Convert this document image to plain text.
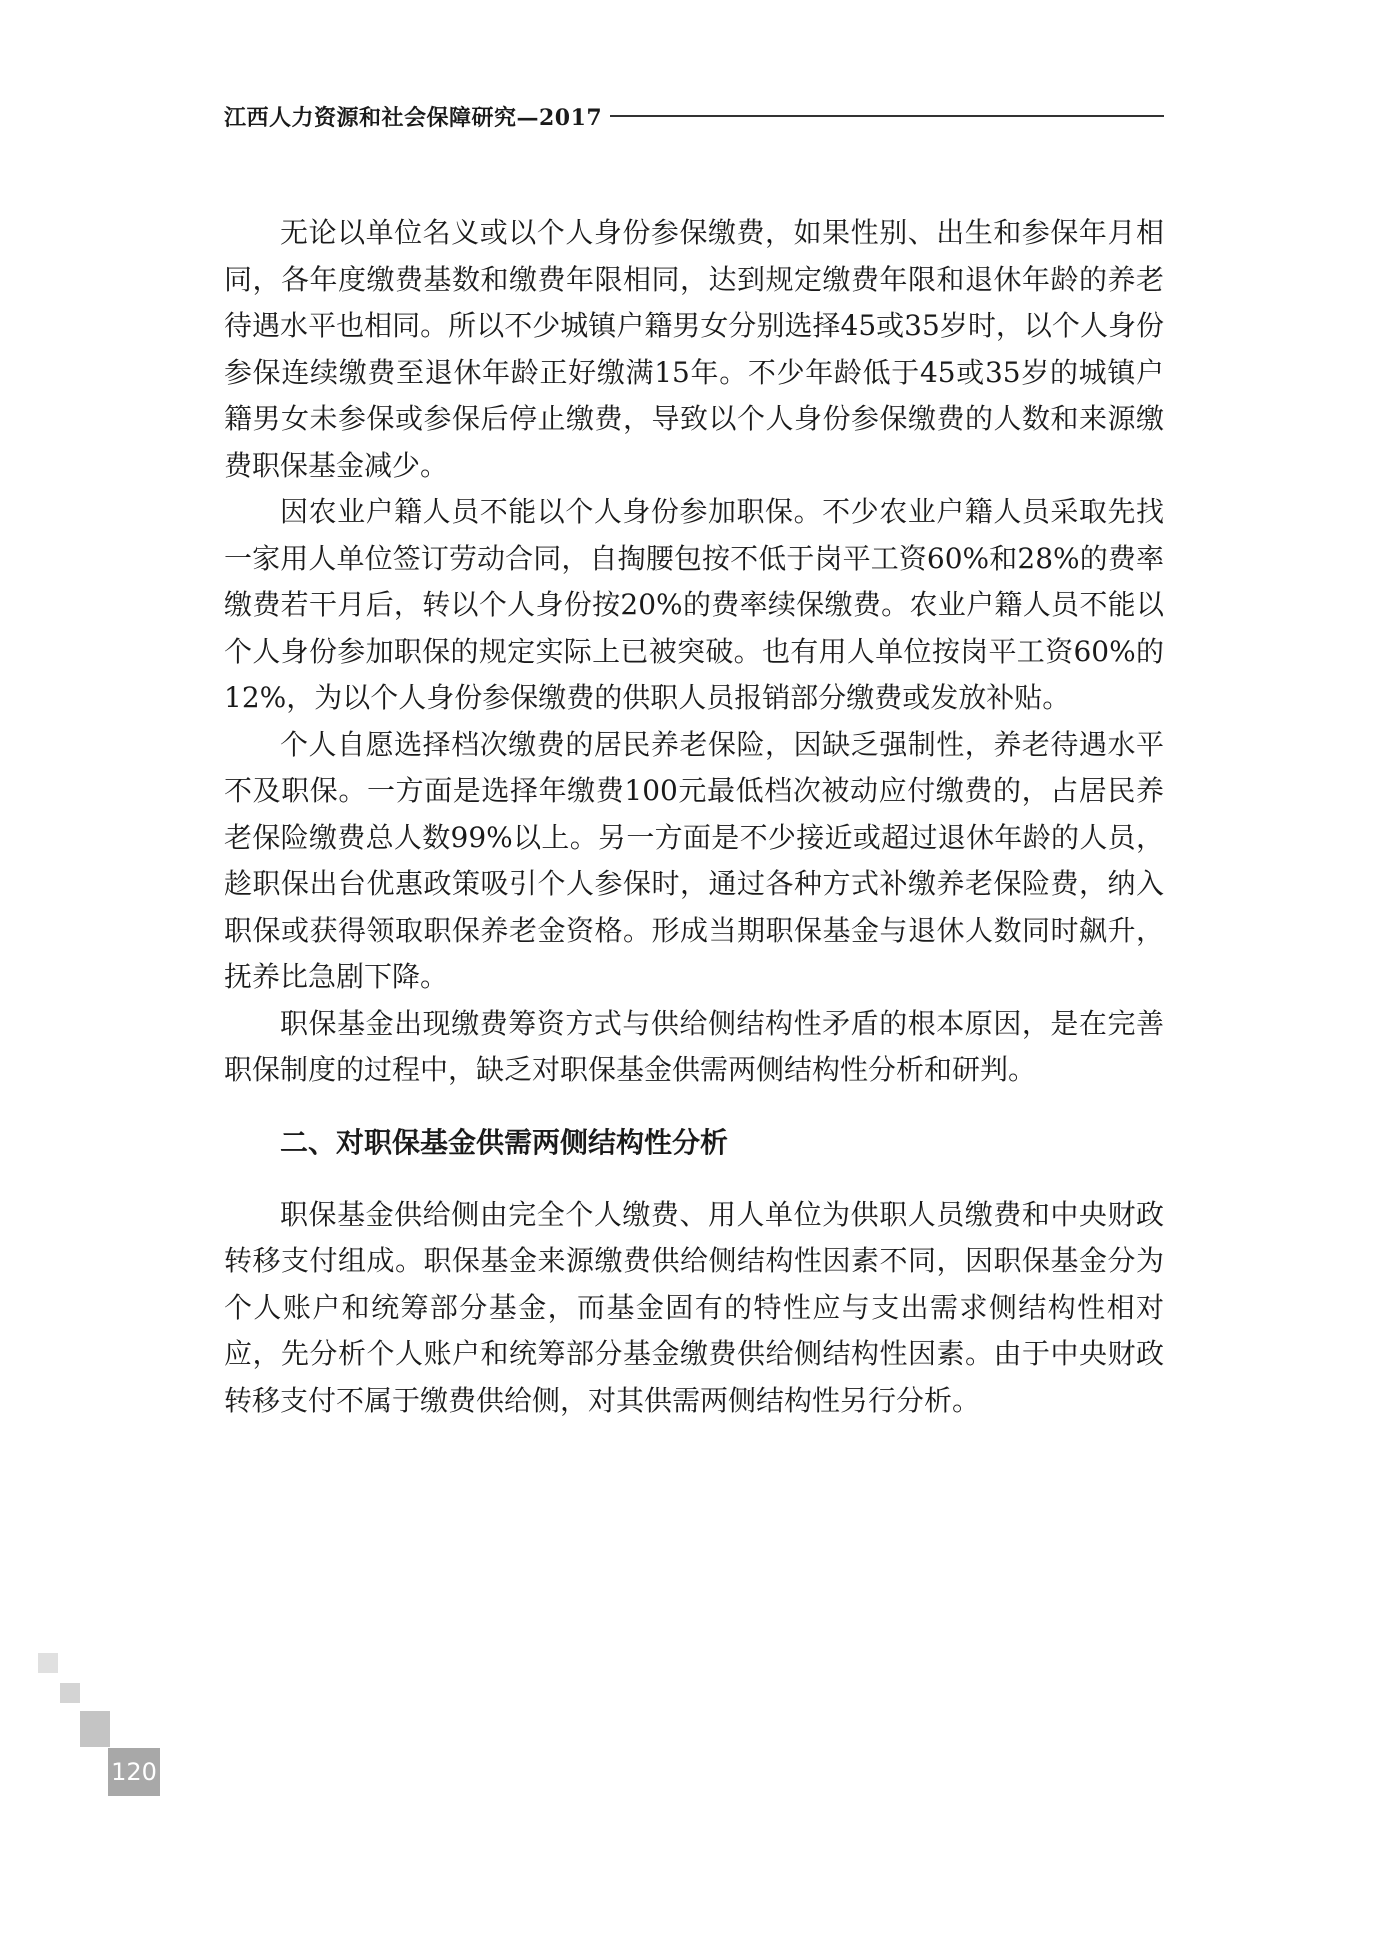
江西人力资源和社会保障研究—2017

无论以单位名义或以个人身份参保缴费，如果性别、出生和参保年月相同，各年度缴费基数和缴费年限相同，达到规定缴费年限和退休年龄的养老待遇水平也相同。所以不少城镇户籍男女分别选择45或35岁时，以个人身份参保连续缴费至退休年龄正好缴满15年。不少年龄低于45或35岁的城镇户籍男女未参保或参保后停止缴费，导致以个人身份参保缴费的人数和来源缴费职保基金减少。

因农业户籍人员不能以个人身份参加职保。不少农业户籍人员采取先找一家用人单位签订劳动合同，自掏腰包按不低于岗平工资60%和28%的费率缴费若干月后，转以个人身份按20%的费率续保缴费。农业户籍人员不能以个人身份参加职保的规定实际上已被突破。也有用人单位按岗平工资60%的12%，为以个人身份参保缴费的供职人员报销部分缴费或发放补贴。

个人自愿选择档次缴费的居民养老保险，因缺乏强制性，养老待遇水平不及职保。一方面是选择年缴费100元最低档次被动应付缴费的，占居民养老保险缴费总人数99%以上。另一方面是不少接近或超过退休年龄的人员，趁职保出台优惠政策吸引个人参保时，通过各种方式补缴养老保险费，纳入职保或获得领取职保养老金资格。形成当期职保基金与退休人数同时飙升，抚养比急剧下降。

职保基金出现缴费筹资方式与供给侧结构性矛盾的根本原因，是在完善职保制度的过程中，缺乏对职保基金供需两侧结构性分析和研判。

二、对职保基金供需两侧结构性分析

职保基金供给侧由完全个人缴费、用人单位为供职人员缴费和中央财政转移支付组成。职保基金来源缴费供给侧结构性因素不同，因职保基金分为个人账户和统筹部分基金，而基金固有的特性应与支出需求侧结构性相对应，先分析个人账户和统筹部分基金缴费供给侧结构性因素。由于中央财政转移支付不属于缴费供给侧，对其供需两侧结构性另行分析。

120
